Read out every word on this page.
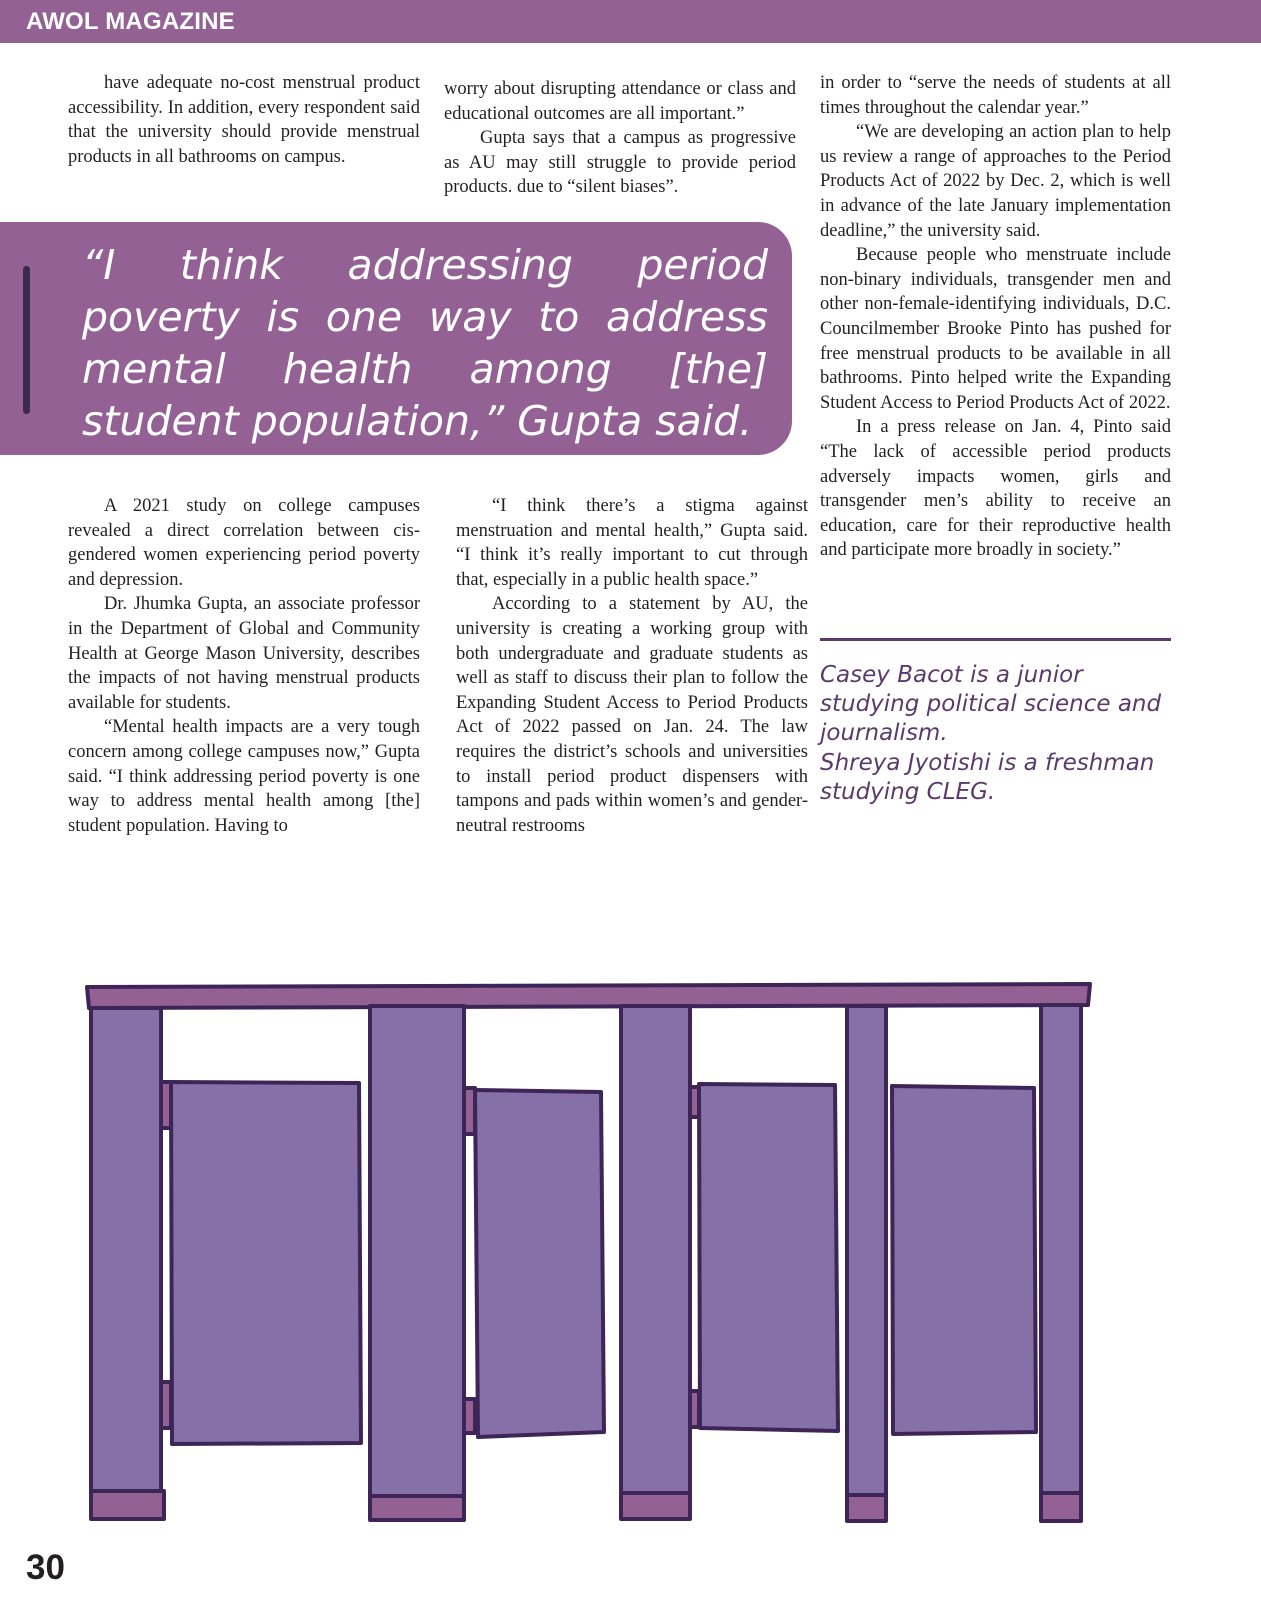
AWOL MAGAZINE

have adequate no-cost menstrual product accessibility. In addition, every respondent said that the university should provide menstrual products in all bathrooms on campus.

worry about disrupting attendance or class and educational outcomes are all important.”

Gupta says that a campus as progressive as AU may still struggle to provide period products. due to “silent biases”.

in order to “serve the needs of students at all times throughout the calendar year.”

“We are developing an action plan to help us review a range of approaches to the Period Products Act of 2022 by Dec. 2, which is well in advance of the late January implementation deadline,” the university said.

Because people who menstruate include non-binary individuals, transgender men and other non-female-identifying individuals, D.C. Councilmember Brooke Pinto has pushed for free menstrual products to be available in all bathrooms. Pinto helped write the Expanding Student Access to Period Products Act of 2022.

In a press release on Jan. 4, Pinto said “The lack of accessible period products adversely impacts women, girls and transgender men’s ability to receive an education, care for their reproductive health and participate more broadly in society.”

“I think addressing period poverty is one way to address mental health among [the] student population,” Gupta said.

A 2021 study on college campuses revealed a direct correlation between cis-gendered women experiencing period poverty and depression.

Dr. Jhumka Gupta, an associate professor in the Department of Global and Community Health at George Mason University, describes the impacts of not having menstrual products available for students.

“Mental health impacts are a very tough concern among college campuses now,” Gupta said. “I think addressing period poverty is one way to address mental health among [the] student population. Having to

“I think there’s a stigma against menstruation and mental health,” Gupta said. “I think it’s really important to cut through that, especially in a public health space.”

According to a statement by AU, the university is creating a working group with both undergraduate and graduate students as well as staff to discuss their plan to follow the Expanding Student Access to Period Products Act of 2022 passed on Jan. 24. The law requires the district’s schools and universities to install period product dispensers with tampons and pads within women’s and gender-neutral restrooms

Casey Bacot is a junior studying political science and journalism.
Shreya Jyotishi is a freshman studying CLEG.
30
